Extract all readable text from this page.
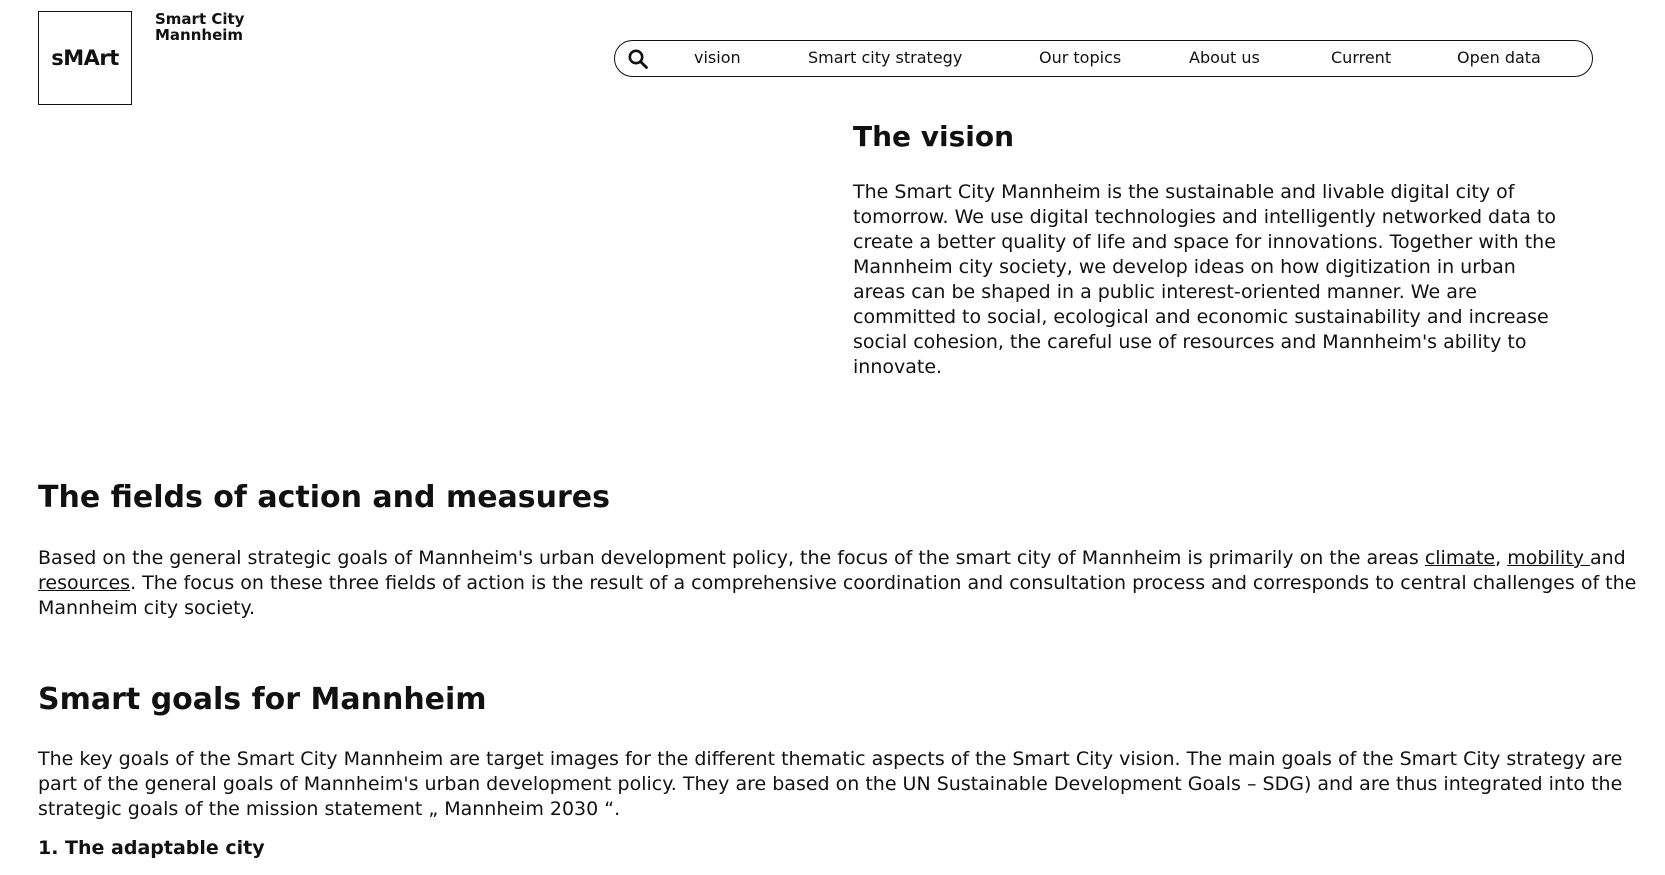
sMArt
Smart City
Mannheim
vision	Smart city strategy	Our topics	About us	Current	Open data
The vision

The Smart City Mannheim is the sustainable and livable digital city of tomorrow. We use digital technologies and intelligently networked data to create a better quality of life and space for innovations. Together with the Mannheim city society, we develop ideas on how digitization in urban areas can be shaped in a public interest-oriented manner. We are committed to social, ecological and economic sustainability and increase social cohesion, the careful use of resources and Mannheim's ability to innovate.

The fields of action and measures

Based on the general strategic goals of Mannheim's urban development policy, the focus of the smart city of Mannheim is primarily on the areas climate, mobility and resources. The focus on these three fields of action is the result of a comprehensive coordination and consultation process and corresponds to central challenges of the Mannheim city society.

Smart goals for Mannheim

The key goals of the Smart City Mannheim are target images for the different thematic aspects of the Smart City vision. The main goals of the Smart City strategy are part of the general goals of Mannheim's urban development policy. They are based on the UN Sustainable Development Goals – SDG) and are thus integrated into the strategic goals of the mission statement „ Mannheim 2030 “.

1. The adaptable city
